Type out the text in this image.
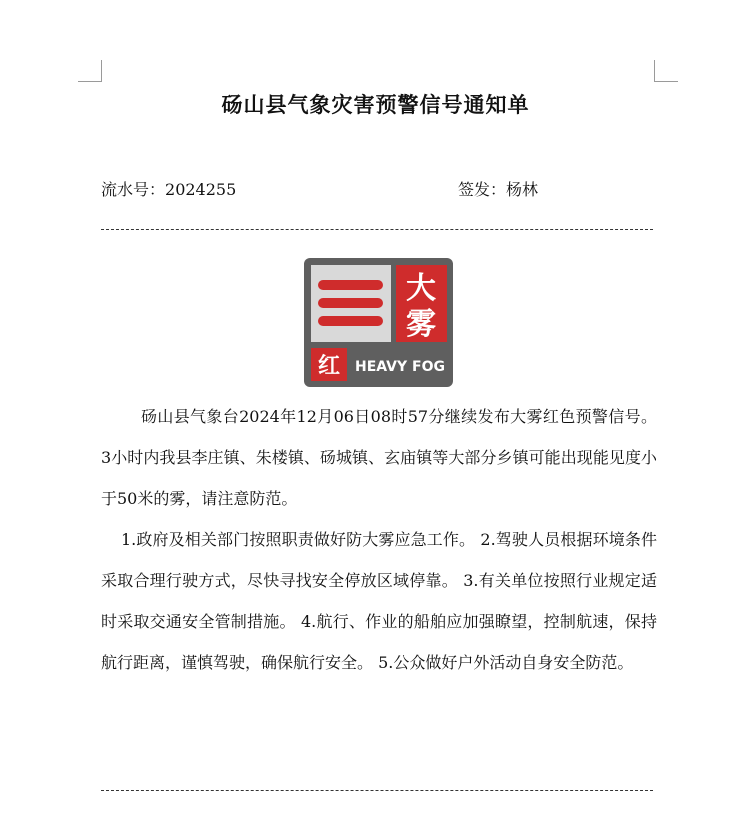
砀山县气象灾害预警信号通知单
流水号：2024255	签发：杨林
大
雾
红 HEAVY FOG

砀山县气象台2024年12月06日08时57分继续发布大雾红色预警信号。3小时内我县李庄镇、朱楼镇、砀城镇、玄庙镇等大部分乡镇可能出现能见度小于50米的雾，请注意防范。

1.政府及相关部门按照职责做好防大雾应急工作。 2.驾驶人员根据环境条件采取合理行驶方式，尽快寻找安全停放区域停靠。 3.有关单位按照行业规定适时采取交通安全管制措施。 4.航行、作业的船舶应加强瞭望，控制航速，保持航行距离，谨慎驾驶，确保航行安全。 5.公众做好户外活动自身安全防范。
